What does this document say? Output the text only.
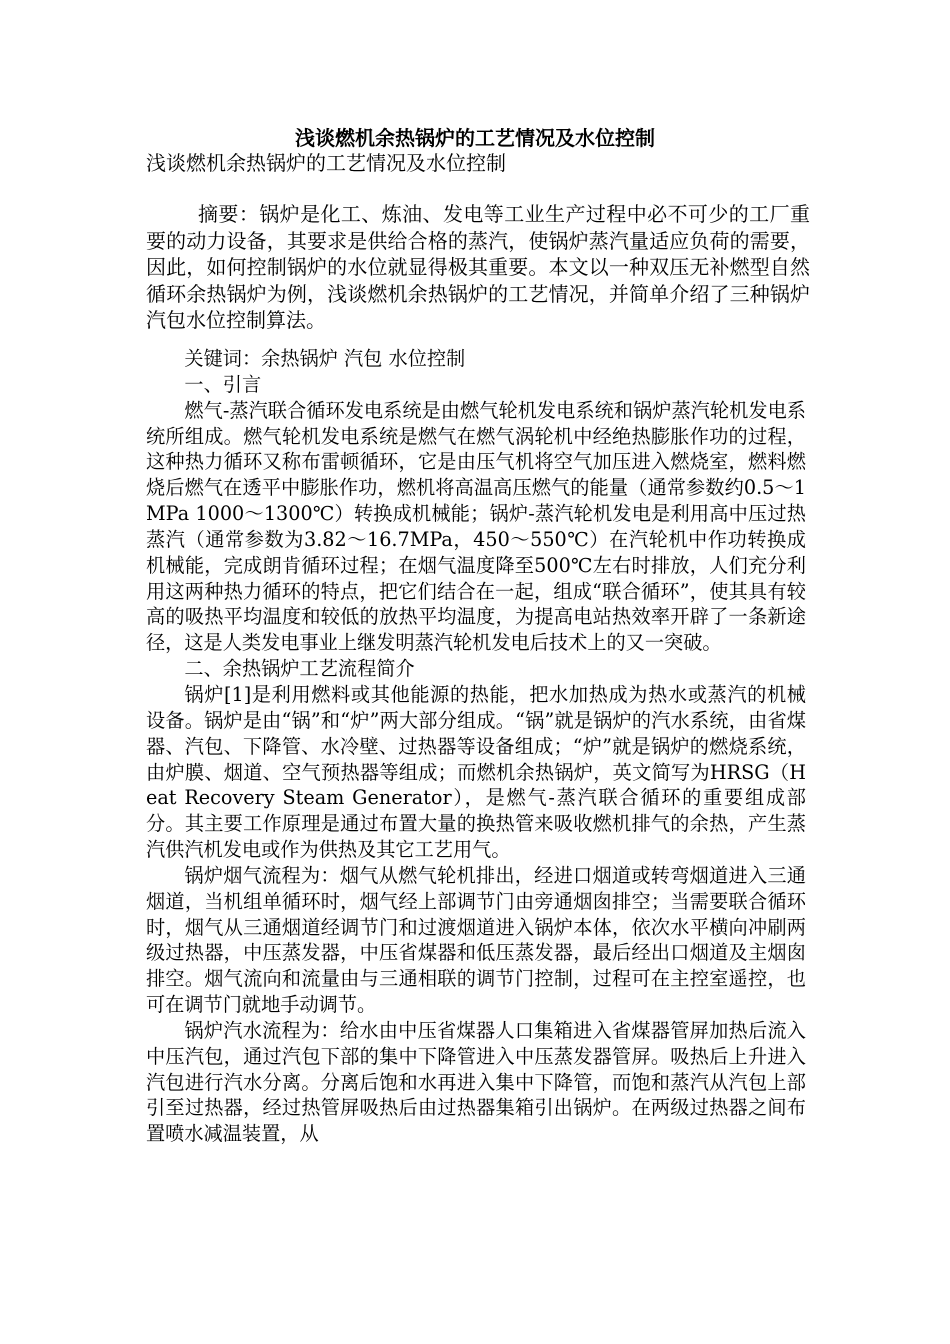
浅谈燃机余热锅炉的工艺情况及水位控制
浅谈燃机余热锅炉的工艺情况及水位控制

摘要：锅炉是化工、炼油、发电等工业生产过程中必不可少的工厂重要的动力设备，其要求是供给合格的蒸汽，使锅炉蒸汽量适应负荷的需要，因此，如何控制锅炉的水位就显得极其重要。本文以一种双压无补燃型自然循环余热锅炉为例，浅谈燃机余热锅炉的工艺情况，并简单介绍了三种锅炉汽包水位控制算法。

关键词：余热锅炉 汽包 水位控制

一、引言

燃气-蒸汽联合循环发电系统是由燃气轮机发电系统和锅炉蒸汽轮机发电系统所组成。燃气轮机发电系统是燃气在燃气涡轮机中经绝热膨胀作功的过程，这种热力循环又称布雷顿循环，它是由压气机将空气加压进入燃烧室，燃料燃烧后燃气在透平中膨胀作功，燃机将高温高压燃气的能量（通常参数约0.5～1MPa 1000～1300℃）转换成机械能；锅炉-蒸汽轮机发电是利用高中压过热蒸汽（通常参数为3.82～16.7MPa，450～550℃）在汽轮机中作功转换成机械能，完成朗肯循环过程；在烟气温度降至500℃左右时排放，人们充分利用这两种热力循环的特点，把它们结合在一起，组成“联合循环”，使其具有较高的吸热平均温度和较低的放热平均温度，为提高电站热效率开辟了一条新途径，这是人类发电事业上继发明蒸汽轮机发电后技术上的又一突破。

二、余热锅炉工艺流程简介

锅炉[1]是利用燃料或其他能源的热能，把水加热成为热水或蒸汽的机械设备。锅炉是由“锅”和“炉”两大部分组成。“锅”就是锅炉的汽水系统，由省煤器、汽包、下降管、水冷壁、过热器等设备组成；“炉”就是锅炉的燃烧系统，由炉膜、烟道、空气预热器等组成；而燃机余热锅炉，英文简写为HRSG（Heat Recovery Steam Generator），是燃气-蒸汽联合循环的重要组成部分。其主要工作原理是通过布置大量的换热管来吸收燃机排气的余热，产生蒸汽供汽机发电或作为供热及其它工艺用气。

锅炉烟气流程为：烟气从燃气轮机排出，经进口烟道或转弯烟道进入三通烟道，当机组单循环时，烟气经上部调节门由旁通烟囱排空；当需要联合循环时，烟气从三通烟道经调节门和过渡烟道进入锅炉本体，依次水平横向冲刷两级过热器，中压蒸发器，中压省煤器和低压蒸发器，最后经出口烟道及主烟囱排空。烟气流向和流量由与三通相联的调节门控制，过程可在主控室遥控，也可在调节门就地手动调节。

锅炉汽水流程为：给水由中压省煤器人口集箱进入省煤器管屏加热后流入中压汽包，通过汽包下部的集中下降管进入中压蒸发器管屏。吸热后上升进入汽包进行汽水分离。分离后饱和水再进入集中下降管，而饱和蒸汽从汽包上部引至过热器，经过热管屏吸热后由过热器集箱引出锅炉。在两级过热器之间布置喷水减温装置，从
